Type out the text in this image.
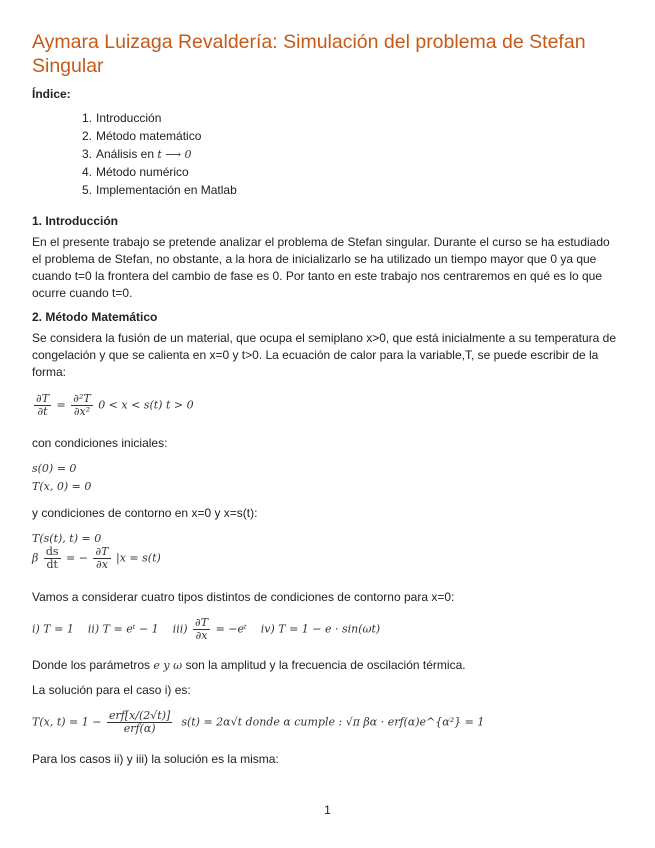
Aymara Luizaga Revaldería: Simulación del problema de Stefan Singular
Índice:
1. Introducción
2. Método matemático
3. Análisis en t ⟶ 0
4. Método numérico
5. Implementación en Matlab
1. Introducción

En el presente trabajo se pretende analizar el problema de Stefan singular. Durante el curso se ha estudiado el problema de Stefan, no obstante, a la hora de inicializarlo se ha utilizado un tiempo mayor que 0 ya que cuando t=0 la frontera del cambio de fase es 0. Por tanto en este trabajo nos centraremos en qué es lo que ocurre cuando t=0.

2. Método Matemático

Se considera la fusión de un material, que ocupa el semiplano x>0, que está inicialmente a su temperatura de congelación y que se calienta en x=0 y t>0. La ecuación de calor para la variable,T, se puede escribir de la forma:

$\frac{\partial T}{\partial t} = \frac{\text{∂²T}}{\text{∂x²}} 0 < x < s(t) t > 0$
con condiciones iniciales:
s(0) = 0
T(x, 0) = 0
y condiciones de contorno en x=0 y x=s(t):
T(s(t), t) = 0
β $\frac{ds}{dt}$ = − $\frac{\partial T}{\partial x} |x = s(t)$
Vamos a considerar cuatro tipos distintos de condiciones de contorno para x=0:
i) T = 1 ii) T = eᵗ − 1 $iii) \frac{\partial T}{\partial x}$ = −eᵗ iv) T = 1 − e · sin(ωt)
Donde los parámetros e y ω son la amplitud y la frecuencia de oscilación térmica.
La solución para el caso i) es:
T(x, $t) = 1 - \frac{\text{erf[x/(2√t)]}}{\text{erf(α)}} s(t) = 2\alpha√t$ donde α cumple : √π βα · erf(α)e^{α²} = 1
Para los casos ii) y iii) la solución es la misma:
1
